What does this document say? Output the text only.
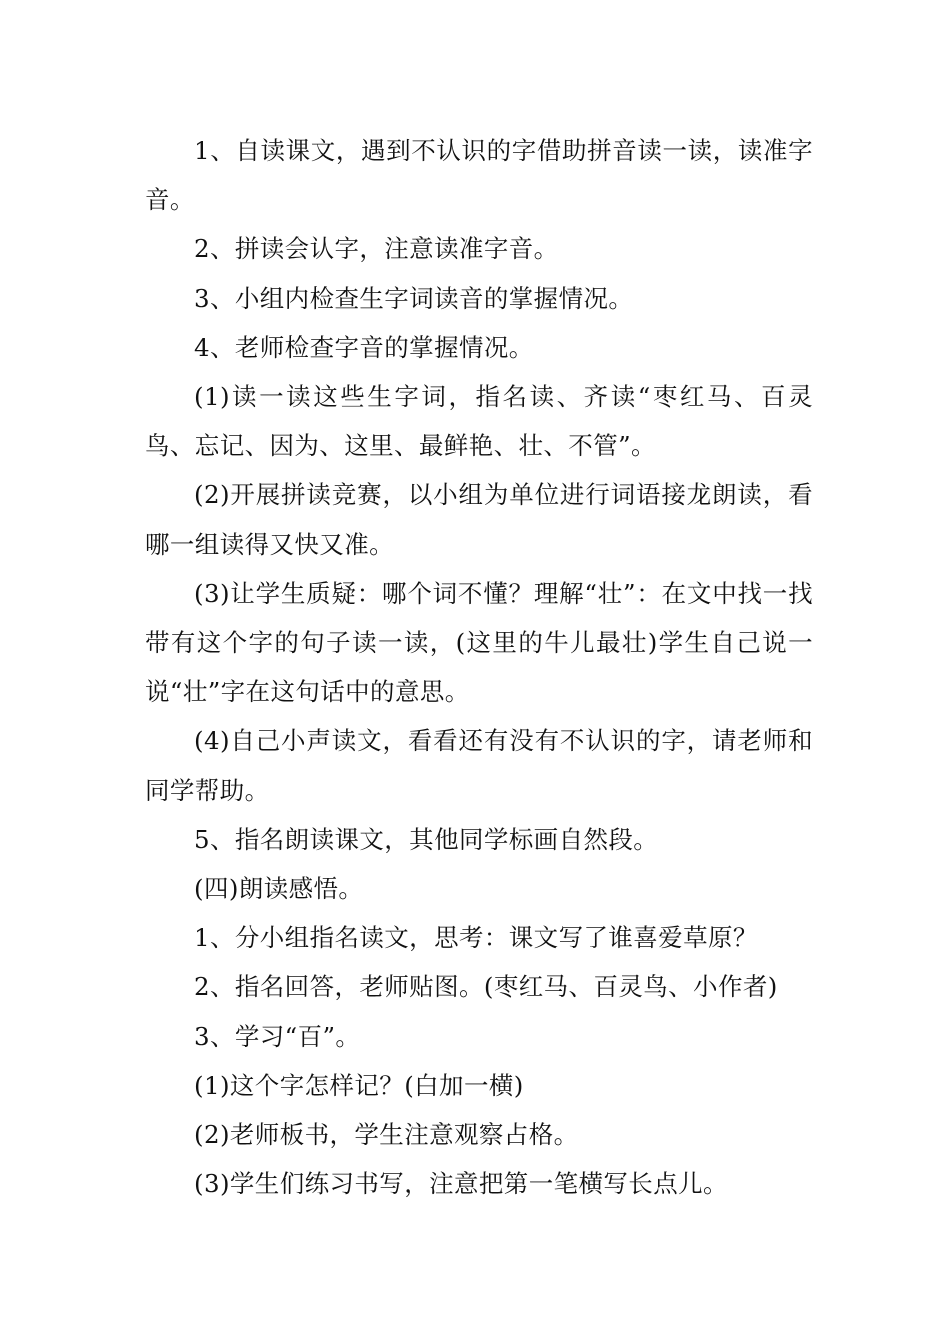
1、自读课文，遇到不认识的字借助拼音读一读，读准字音。

2、拼读会认字，注意读准字音。

3、小组内检查生字词读音的掌握情况。

4、老师检查字音的掌握情况。

(1)读一读这些生字词，指名读、齐读“枣红马、百灵鸟、忘记、因为、这里、最鲜艳、壮、不管”。

(2)开展拼读竞赛，以小组为单位进行词语接龙朗读，看哪一组读得又快又准。

(3)让学生质疑：哪个词不懂？理解“壮”：在文中找一找带有这个字的句子读一读，(这里的牛儿最壮)学生自己说一说“壮”字在这句话中的意思。

(4)自己小声读文，看看还有没有不认识的字，请老师和同学帮助。

5、指名朗读课文，其他同学标画自然段。

(四)朗读感悟。

1、分小组指名读文，思考：课文写了谁喜爱草原？

2、指名回答，老师贴图。(枣红马、百灵鸟、小作者)

3、学习“百”。

(1)这个字怎样记？(白加一横)

(2)老师板书，学生注意观察占格。

(3)学生们练习书写，注意把第一笔横写长点儿。
